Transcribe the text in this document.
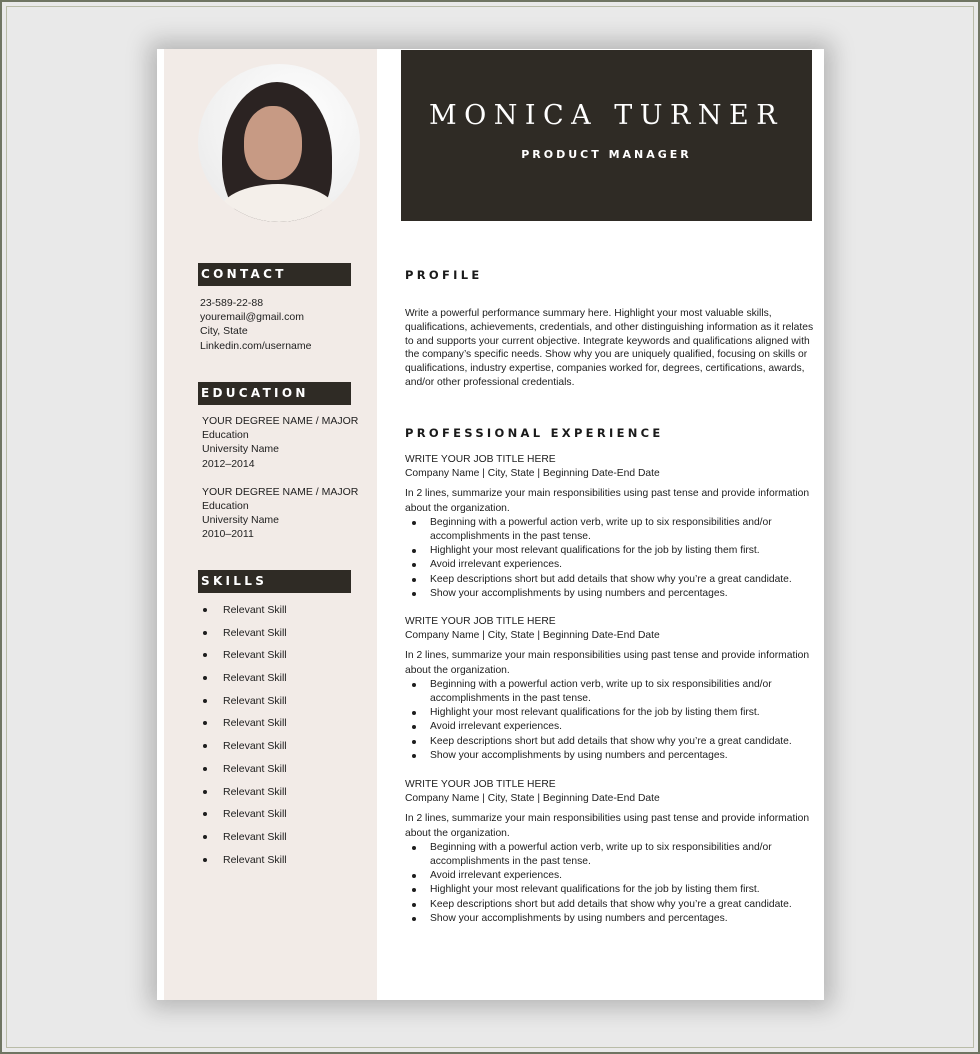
CONTACT
23-589-22-88
youremail@gmail.com
City, State
Linkedin.com/username
EDUCATION
YOUR DEGREE NAME / MAJOR
Education
University Name
2012–2014
YOUR DEGREE NAME / MAJOR
Education
University Name
2010–2011
SKILLS
Relevant Skill
Relevant Skill
Relevant Skill
Relevant Skill
Relevant Skill
Relevant Skill
Relevant Skill
Relevant Skill
Relevant Skill
Relevant Skill
Relevant Skill
Relevant Skill
MONICA TURNER
PRODUCT MANAGER
PROFILE
Write a powerful performance summary here. Highlight your most valuable skills, qualifications, achievements, credentials, and other distinguishing information as it relates to and supports your current objective. Integrate keywords and qualifications aligned with the company’s specific needs. Show why you are uniquely qualified, focusing on skills or qualifications, industry expertise, companies worked for, degrees, certifications, awards, and/or other professional credentials.
PROFESSIONAL EXPERIENCE
WRITE YOUR JOB TITLE HERE
Company Name | City, State | Beginning Date-End Date
In 2 lines, summarize your main responsibilities using past tense and provide information about the organization.
Beginning with a powerful action verb, write up to six responsibilities and/or accomplishments in the past tense.
Highlight your most relevant qualifications for the job by listing them first.
Avoid irrelevant experiences.
Keep descriptions short but add details that show why you’re a great candidate.
Show your accomplishments by using numbers and percentages.
WRITE YOUR JOB TITLE HERE
Company Name | City, State | Beginning Date-End Date
In 2 lines, summarize your main responsibilities using past tense and provide information about the organization.
Beginning with a powerful action verb, write up to six responsibilities and/or accomplishments in the past tense.
Highlight your most relevant qualifications for the job by listing them first.
Avoid irrelevant experiences.
Keep descriptions short but add details that show why you’re a great candidate.
Show your accomplishments by using numbers and percentages.
WRITE YOUR JOB TITLE HERE
Company Name | City, State | Beginning Date-End Date
In 2 lines, summarize your main responsibilities using past tense and provide information about the organization.
Beginning with a powerful action verb, write up to six responsibilities and/or accomplishments in the past tense.
Avoid irrelevant experiences.
Highlight your most relevant qualifications for the job by listing them first.
Keep descriptions short but add details that show why you’re a great candidate.
Show your accomplishments by using numbers and percentages.
